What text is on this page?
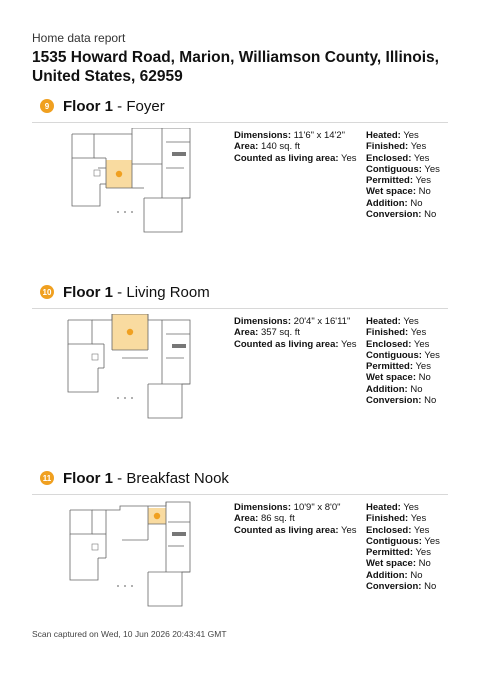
Home data report
1535 Howard Road, Marion, Williamson County, Illinois, United States, 62959
9 Floor 1 - Foyer
Dimensions: 11'6" x 14'2"
Area: 140 sq. ft
Counted as living area: Yes
Heated: Yes
Finished: Yes
Enclosed: Yes
Contiguous: Yes
Permitted: Yes
Wet space: No
Addition: No
Conversion: No
10 Floor 1 - Living Room
Dimensions: 20'4" x 16'11"
Area: 357 sq. ft
Counted as living area: Yes
Heated: Yes
Finished: Yes
Enclosed: Yes
Contiguous: Yes
Permitted: Yes
Wet space: No
Addition: No
Conversion: No
11 Floor 1 - Breakfast Nook
Dimensions: 10'9" x 8'0"
Area: 86 sq. ft
Counted as living area: Yes
Heated: Yes
Finished: Yes
Enclosed: Yes
Contiguous: Yes
Permitted: Yes
Wet space: No
Addition: No
Conversion: No
Scan captured on Wed, 10 Jun 2026 20:43:41 GMT
